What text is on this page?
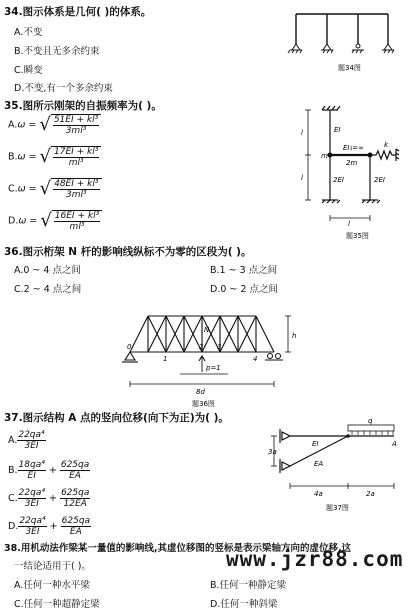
34.图示体系是几何( )的体系。
A.不变
B.不变且无多余约束
C.瞬变
D.不变,有一个多余约束
题34图
35.图所示刚架的自振频率为( )。
A.ω = √ $\frac{\text{51EI + kl³}}{\text{3ml³}}$
B.ω = √ $\frac{\text{17EI + kl³}}{\text{ml³}}$
C.ω = √ $\frac{\text{48EI + kl³}}{\text{3ml³}}$
D.ω = √ $\frac{\text{16EI + kl³}}{\text{ml³}}$
l
l
EI
EI₁=∞
m
2m
2EI	2EI
k
l
题35图
36.图示桁架 N 杆的影响线纵标不为零的区段为( )。
A.0 ~ 4 点之间	B.1 ~ 3 点之间
C.2 ~ 4 点之间	D.0 ~ 2 点之间
0
1
2 3
4
N
h
p=1
8d
题36图
37.图示结构 A 点的竖向位移(向下为正)为( )。
A. $\frac{\text{22qa⁴}}{3EI}$
B. $\frac{\text{18qa⁴}}{EI} + \frac{625qa}{EA}$
C. $\frac{\text{22qa⁴}}{3EI} + \frac{625qa}{12EA}$
D. $\frac{\text{22qa⁴}}{3EI} + \frac{625qa}{EA}$
q
A
EI
EA
3a
4a	2a
题37图
38.用机动法作梁某一量值的影响线,其虚位移图的竖标是表示梁轴方向的虚位移,这
一结论适用于( )。
A.任何一种水平梁	B.任何一种静定梁
C.任何一种超静定梁	D.任何一种斜梁
www.jzr88.com
